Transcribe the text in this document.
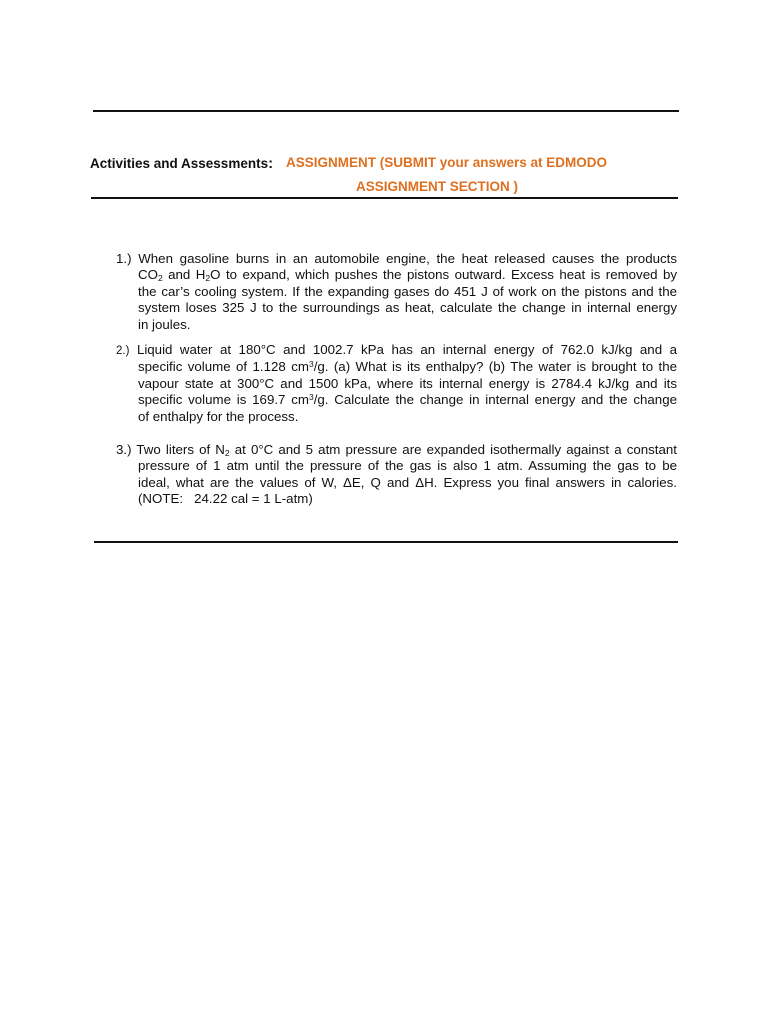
Activities and Assessments: ASSIGNMENT (SUBMIT your answers at EDMODO
ASSIGNMENT SECTION )
1.) When gasoline burns in an automobile engine, the heat released causes the products
$CO_2$ and $H_2O$ to expand, which pushes the pistons outward. Excess heat is removed by
the car’s cooling system. If the expanding gases do 451 J of work on the pistons and the
system loses 325 J to the surroundings as heat, calculate the change in internal energy
in joules.
2.) Liquid water at 180°C and 1002.7 kPa has an internal energy of 762.0 kJ/kg and a
specific volume of 1.128 $cm^3/g$. (a) What is its enthalpy? (b) The water is brought to the
vapour state at 300°C and 1500 kPa, where its internal energy is 2784.4 kJ/kg and its
specific volume is 169.7 $cm^3/g$. Calculate the change in internal energy and the change
of enthalpy for the process.
3.) Two liters of $N_2$ at 0°C and 5 atm pressure are expanded isothermally against a constant
pressure of 1 atm until the pressure of the gas is also 1 atm. Assuming the gas to be
ideal, what are the values of W, ΔE, Q and ΔH. Express you final answers in calories.
(NOTE:   24.22 cal = 1 L-atm)
